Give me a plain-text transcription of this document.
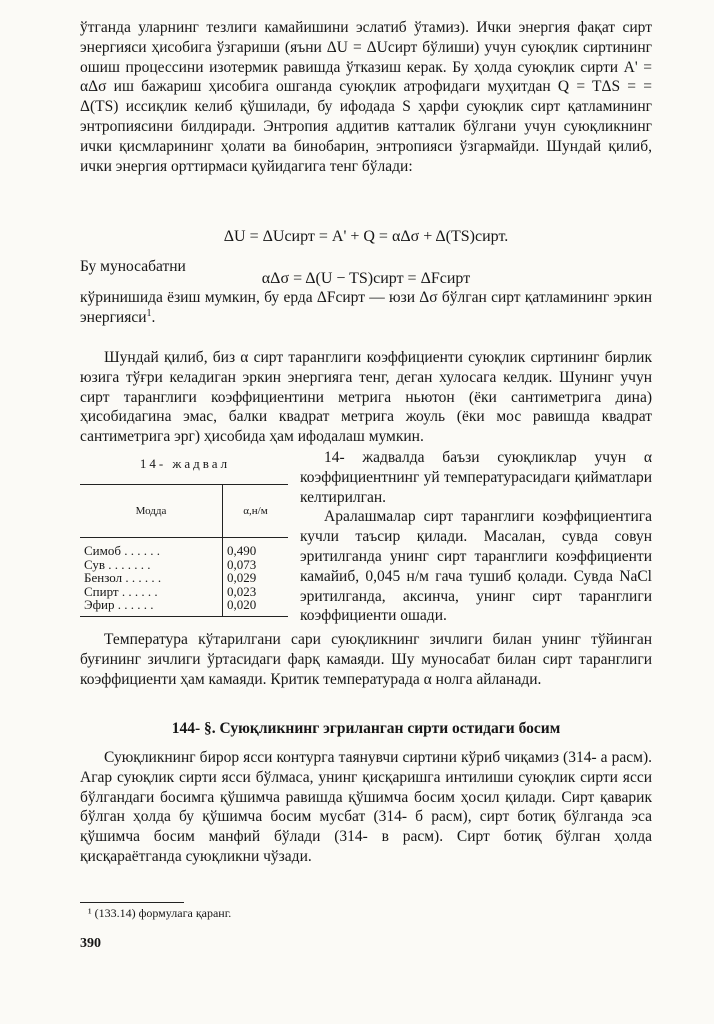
ўтганда уларнинг тезлиги камайишини эслатиб ўтамиз). Ички энергия фақат сирт энергияси ҳисобига ўзгариши (яъни ΔU = ΔUсирт бўлиши) учун суюқлик сиртининг ошиш процессини изотермик равишда ўтказиш керак. Бу ҳолда суюқлик сирти A' = αΔσ иш бажариш ҳисобига ошганда суюқлик атрофидаги муҳитдан Q = TΔS = = Δ(TS) иссиқлик келиб қўшилади, бу ифодада S ҳарфи суюқлик сирт қатламининг энтропиясини билдиради. Энтропия аддитив катталик бўлгани учун суюқликнинг ички қисмларининг ҳолати ва бинобарин, энтропияси ўзгармайди. Шундай қилиб, ички энергия орттирмаси қуйидагига тенг бўлади:
ΔU = ΔUсирт = A' + Q = αΔσ + Δ(TS)сирт.
Бу муносабатни
αΔσ = Δ(U − TS)сирт = ΔFсирт
кўринишида ёзиш мумкин, бу ерда ΔFсирт — юзи Δσ бўлган сирт қатламининг эркин энергияси$^1$.
Шундай қилиб, биз α сирт таранглиги коэффициенти суюқлик сиртининг бирлик юзига тўғри келадиган эркин энергияга тенг, деган хулосага келдик. Шунинг учун сирт таранглиги коэффициентини метрига ньютон (ёки сантиметрига дина) ҳисобидагина эмас, балки квадрат метрига жоуль (ёки мос равишда квадрат сантиметрига эрг) ҳисобида ҳам ифодалаш мумкин.
14- жадвал
Модда	α,н/м
Симоб . . . . . .	0,490
Сув . . . . . . .	0,073
Бензол . . . . . .	0,029
Спирт . . . . . .	0,023
Эфир . . . . . .	0,020
14- жадвалда баъзи суюқликлар учун α коэффициентнинг уй температурасидаги қийматлари келтирилган.
Аралашмалар сирт таранглиги коэффициентига кучли таъсир қилади. Масалан, сувда совун эритилганда унинг сирт таранглиги коэффициенти камайиб, 0,045 н/м гача тушиб қолади. Сувда NaCl эритилганда, аксинча, унинг сирт таранглиги коэффициенти ошади.
Температура кўтарилгани сари суюқликнинг зичлиги билан унинг тўйинган буғининг зичлиги ўртасидаги фарқ камаяди. Шу муносабат билан сирт таранглиги коэффициенти ҳам камаяди. Критик температурада α нолга айланади.
144- §. Суюқликнинг эгриланган сирти остидаги босим
Суюқликнинг бирор ясси контурга таянувчи сиртини кўриб чиқамиз (314- а расм). Агар суюқлик сирти ясси бўлмаса, унинг қисқаришга интилиши суюқлик сирти ясси бўлгандаги босимга қўшимча равишда қўшимча босим ҳосил қилади. Сирт қаварик бўлган ҳолда бу қўшимча босим мусбат (314- б расм), сирт ботиқ бўлганда эса қўшимча босим манфий бўлади (314- в расм). Сирт ботиқ бўлган ҳолда қисқараётганда суюқликни чўзади.
¹ (133.14) формулага қаранг.
390
